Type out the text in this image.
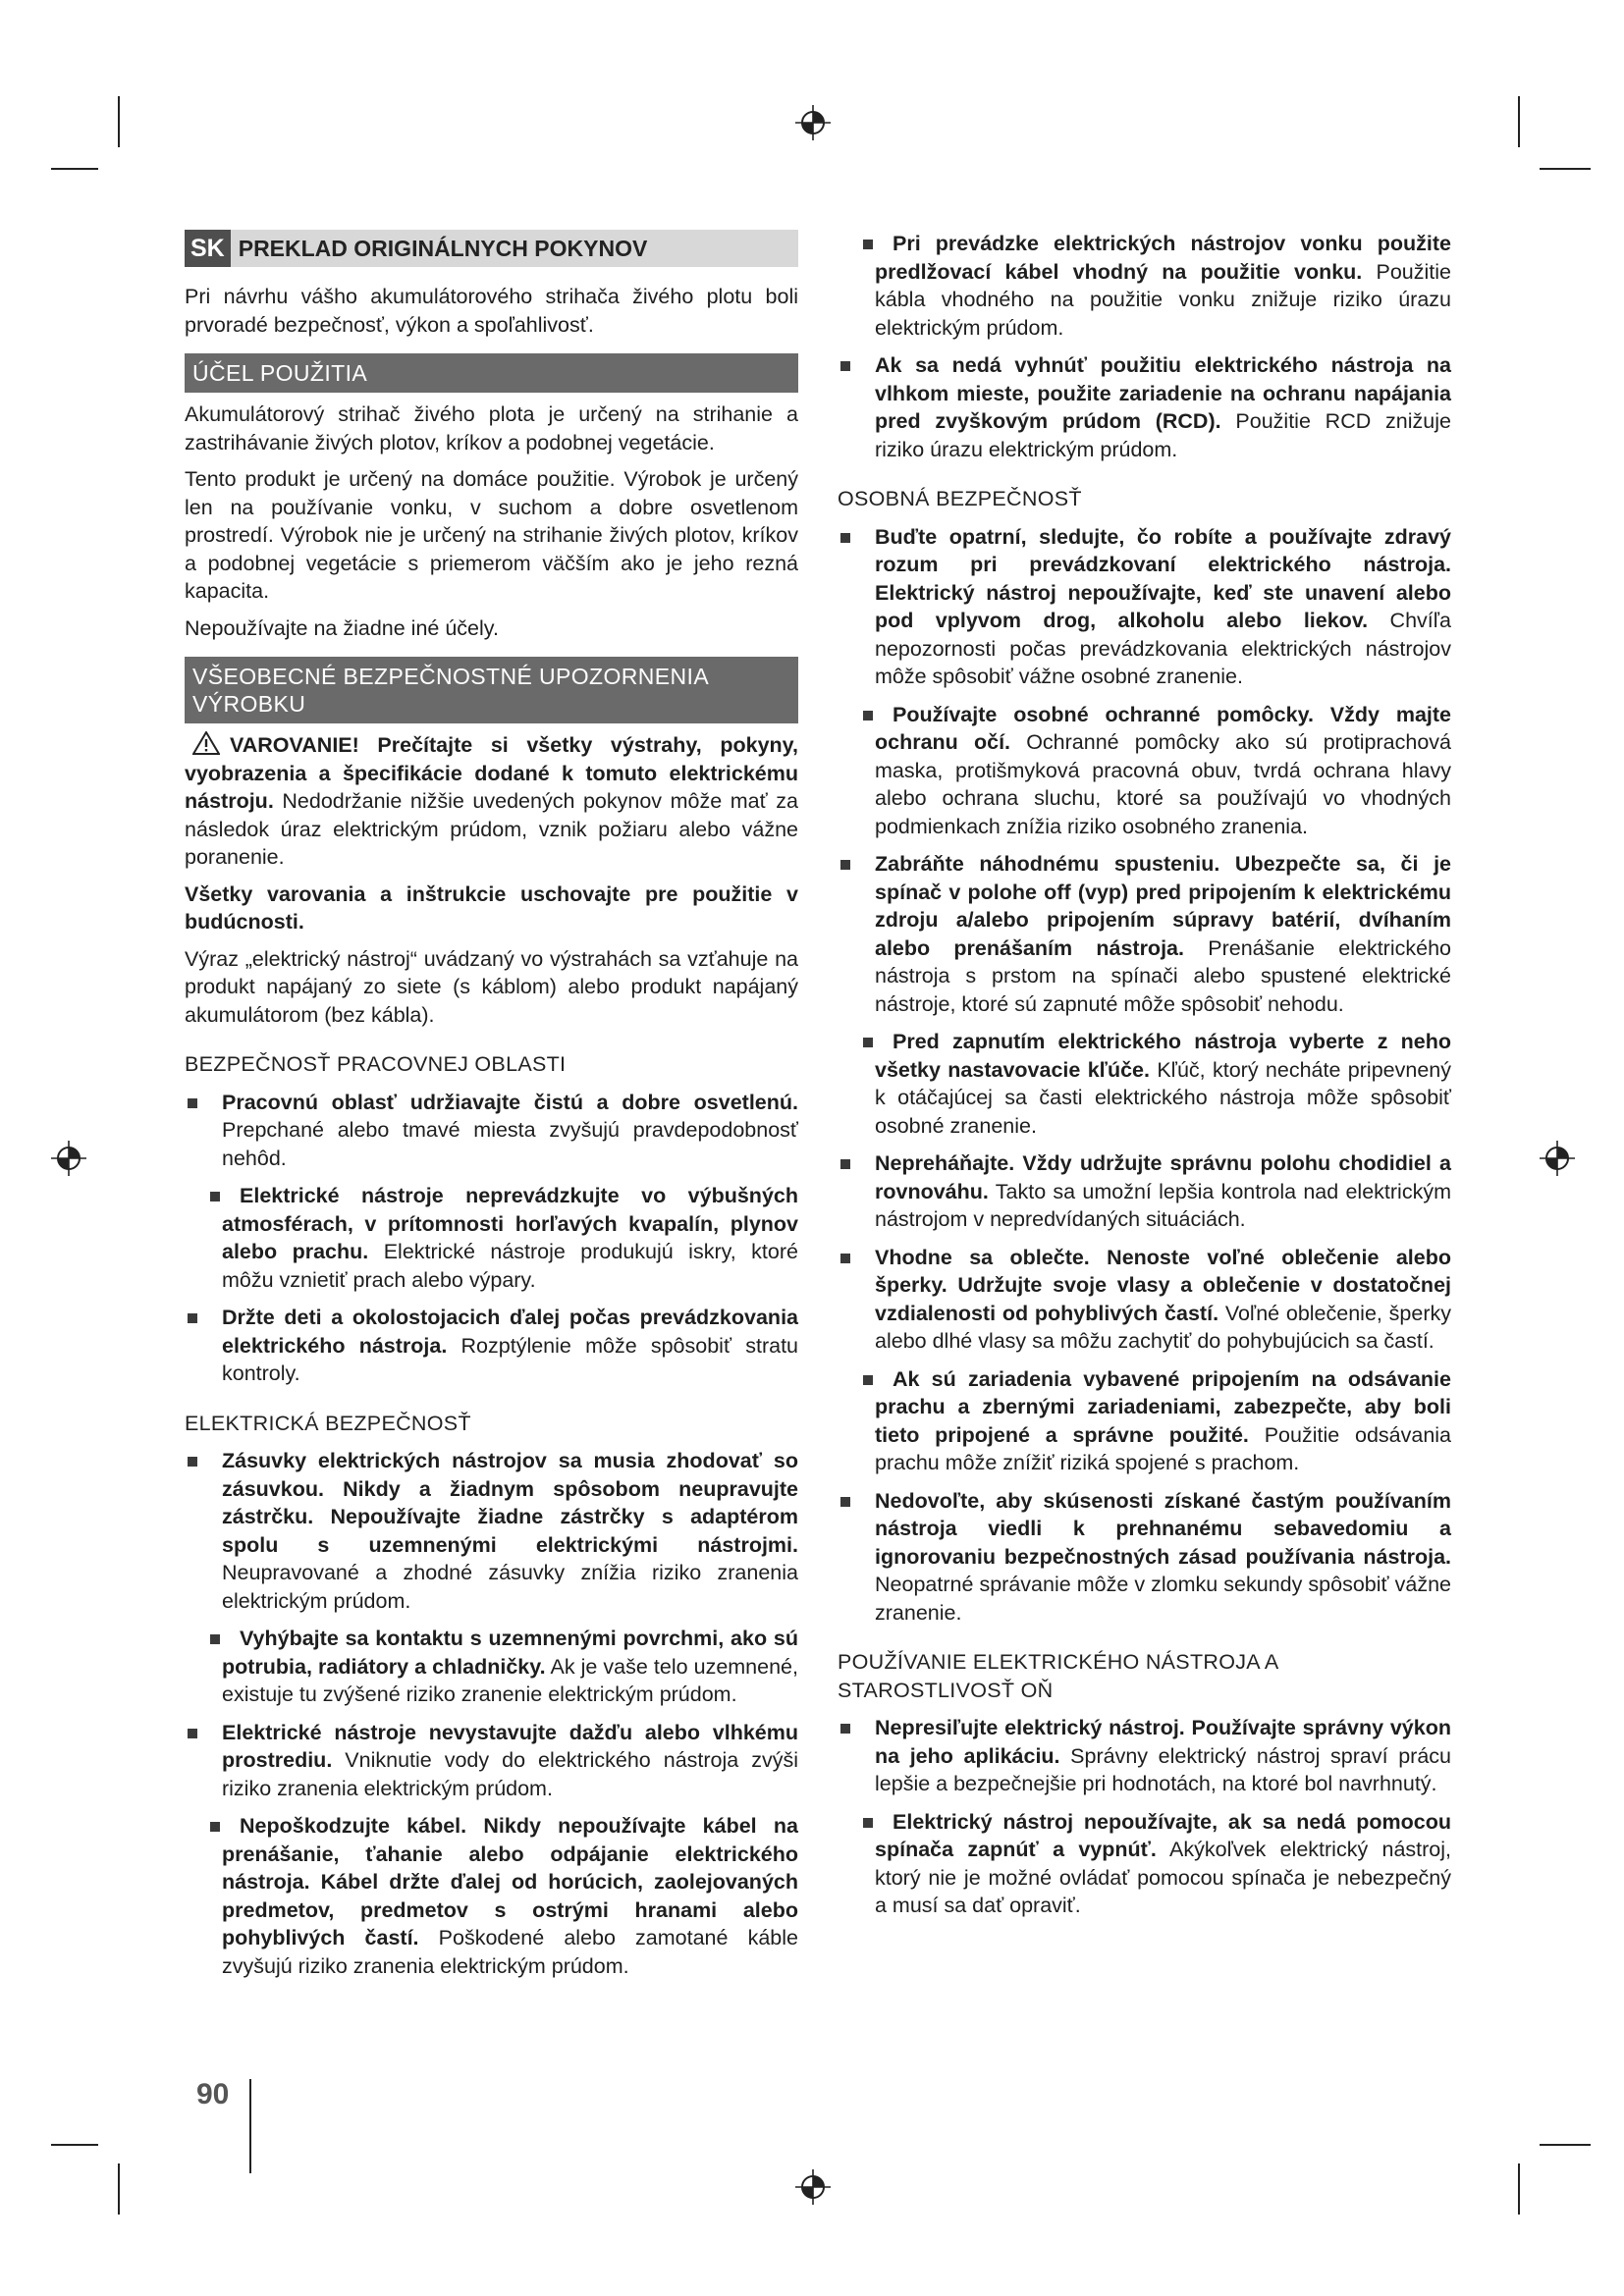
SK PREKLAD ORIGINÁLNYCH POKYNOV

Pri návrhu vášho akumulátorového strihača živého plotu boli prvoradé bezpečnosť, výkon a spoľahlivosť.

ÚČEL POUŽITIA

Akumulátorový strihač živého plota je určený na strihanie a zastrihávanie živých plotov, kríkov a podobnej vegetácie.

Tento produkt je určený na domáce použitie. Výrobok je určený len na používanie vonku, v suchom a dobre osvetlenom prostredí. Výrobok nie je určený na strihanie živých plotov, kríkov a podobnej vegetácie s priemerom väčším ako je jeho rezná kapacita.

Nepoužívajte na žiadne iné účely.

VŠEOBECNÉ BEZPEČNOSTNÉ UPOZORNENIA VÝROBKU

VAROVANIE! Prečítajte si všetky výstrahy, pokyny, vyobrazenia a špecifikácie dodané k tomuto elektrickému nástroju. Nedodržanie nižšie uvedených pokynov môže mať za následok úraz elektrickým prúdom, vznik požiaru alebo vážne poranenie.

Všetky varovania a inštrukcie uschovajte pre použitie v budúcnosti.

Výraz „elektrický nástroj“ uvádzaný vo výstrahách sa vzťahuje na produkt napájaný zo siete (s káblom) alebo produkt napájaný akumulátorom (bez kábla).

BEZPEČNOSŤ PRACOVNEJ OBLASTI
Pracovnú oblasť udržiavajte čistú a dobre osvetlenú. Prepchané alebo tmavé miesta zvyšujú pravdepodobnosť nehôd.
Elektrické nástroje neprevádzkujte vo výbušných atmosférach, v prítomnosti horľavých kvapalín, plynov alebo prachu. Elektrické nástroje produkujú iskry, ktoré môžu vznietiť prach alebo výpary.
Držte deti a okolostojacich ďalej počas prevádzkovania elektrického nástroja. Rozptýlenie môže spôsobiť stratu kontroly.
ELEKTRICKÁ BEZPEČNOSŤ
Zásuvky elektrických nástrojov sa musia zhodovať so zásuvkou. Nikdy a žiadnym spôsobom neupravujte zástrčku. Nepoužívajte žiadne zástrčky s adaptérom spolu s uzemnenými elektrickými nástrojmi. Neupravované a zhodné zásuvky znížia riziko zranenia elektrickým prúdom.
Vyhýbajte sa kontaktu s uzemnenými povrchmi, ako sú potrubia, radiátory a chladničky. Ak je vaše telo uzemnené, existuje tu zvýšené riziko zranenie elektrickým prúdom.
Elektrické nástroje nevystavujte dažďu alebo vlhkému prostrediu. Vniknutie vody do elektrického nástroja zvýši riziko zranenia elektrickým prúdom.
Nepoškodzujte kábel. Nikdy nepoužívajte kábel na prenášanie, ťahanie alebo odpájanie elektrického nástroja. Kábel držte ďalej od horúcich, zaolejovaných predmetov, predmetov s ostrými hranami alebo pohyblivých častí. Poškodené alebo zamotané káble zvyšujú riziko zranenia elektrickým prúdom.
Pri prevádzke elektrických nástrojov vonku použite predlžovací kábel vhodný na použitie vonku. Použitie kábla vhodného na použitie vonku znižuje riziko úrazu elektrickým prúdom.
Ak sa nedá vyhnúť použitiu elektrického nástroja na vlhkom mieste, použite zariadenie na ochranu napájania pred zvyškovým prúdom (RCD). Použitie RCD znižuje riziko úrazu elektrickým prúdom.
OSOBNÁ BEZPEČNOSŤ
Buďte opatrní, sledujte, čo robíte a používajte zdravý rozum pri prevádzkovaní elektrického nástroja. Elektrický nástroj nepoužívajte, keď ste unavení alebo pod vplyvom drog, alkoholu alebo liekov. Chvíľa nepozornosti počas prevádzkovania elektrických nástrojov môže spôsobiť vážne osobné zranenie.
Používajte osobné ochranné pomôcky. Vždy majte ochranu očí. Ochranné pomôcky ako sú protiprachová maska, protišmyková pracovná obuv, tvrdá ochrana hlavy alebo ochrana sluchu, ktoré sa používajú vo vhodných podmienkach znížia riziko osobného zranenia.
Zabráňte náhodnému spusteniu. Ubezpečte sa, či je spínač v polohe off (vyp) pred pripojením k elektrickému zdroju a/alebo pripojením súpravy batérií, dvíhaním alebo prenášaním nástroja. Prenášanie elektrického nástroja s prstom na spínači alebo spustené elektrické nástroje, ktoré sú zapnuté môže spôsobiť nehodu.
Pred zapnutím elektrického nástroja vyberte z neho všetky nastavovacie kľúče. Kľúč, ktorý necháte pripevnený k otáčajúcej sa časti elektrického nástroja môže spôsobiť osobné zranenie.
Nepreháňajte. Vždy udržujte správnu polohu chodidiel a rovnováhu. Takto sa umožní lepšia kontrola nad elektrickým nástrojom v nepredvídaných situáciách.
Vhodne sa oblečte. Nenoste voľné oblečenie alebo šperky. Udržujte svoje vlasy a oblečenie v dostatočnej vzdialenosti od pohyblivých častí. Voľné oblečenie, šperky alebo dlhé vlasy sa môžu zachytiť do pohybujúcich sa častí.
Ak sú zariadenia vybavené pripojením na odsávanie prachu a zbernými zariadeniami, zabezpečte, aby boli tieto pripojené a správne použité. Použitie odsávania prachu môže znížiť riziká spojené s prachom.
Nedovoľte, aby skúsenosti získané častým používaním nástroja viedli k prehnanému sebavedomiu a ignorovaniu bezpečnostných zásad používania nástroja. Neopatrné správanie môže v zlomku sekundy spôsobiť vážne zranenie.
POUŽÍVANIE ELEKTRICKÉHO NÁSTROJA A STAROSTLIVOSŤ OŇ
Nepresiľujte elektrický nástroj. Používajte správny výkon na jeho aplikáciu. Správny elektrický nástroj spraví prácu lepšie a bezpečnejšie pri hodnotách, na ktoré bol navrhnutý.
Elektrický nástroj nepoužívajte, ak sa nedá pomocou spínača zapnúť a vypnúť. Akýkoľvek elektrický nástroj, ktorý nie je možné ovládať pomocou spínača je nebezpečný a musí sa dať opraviť.
90
